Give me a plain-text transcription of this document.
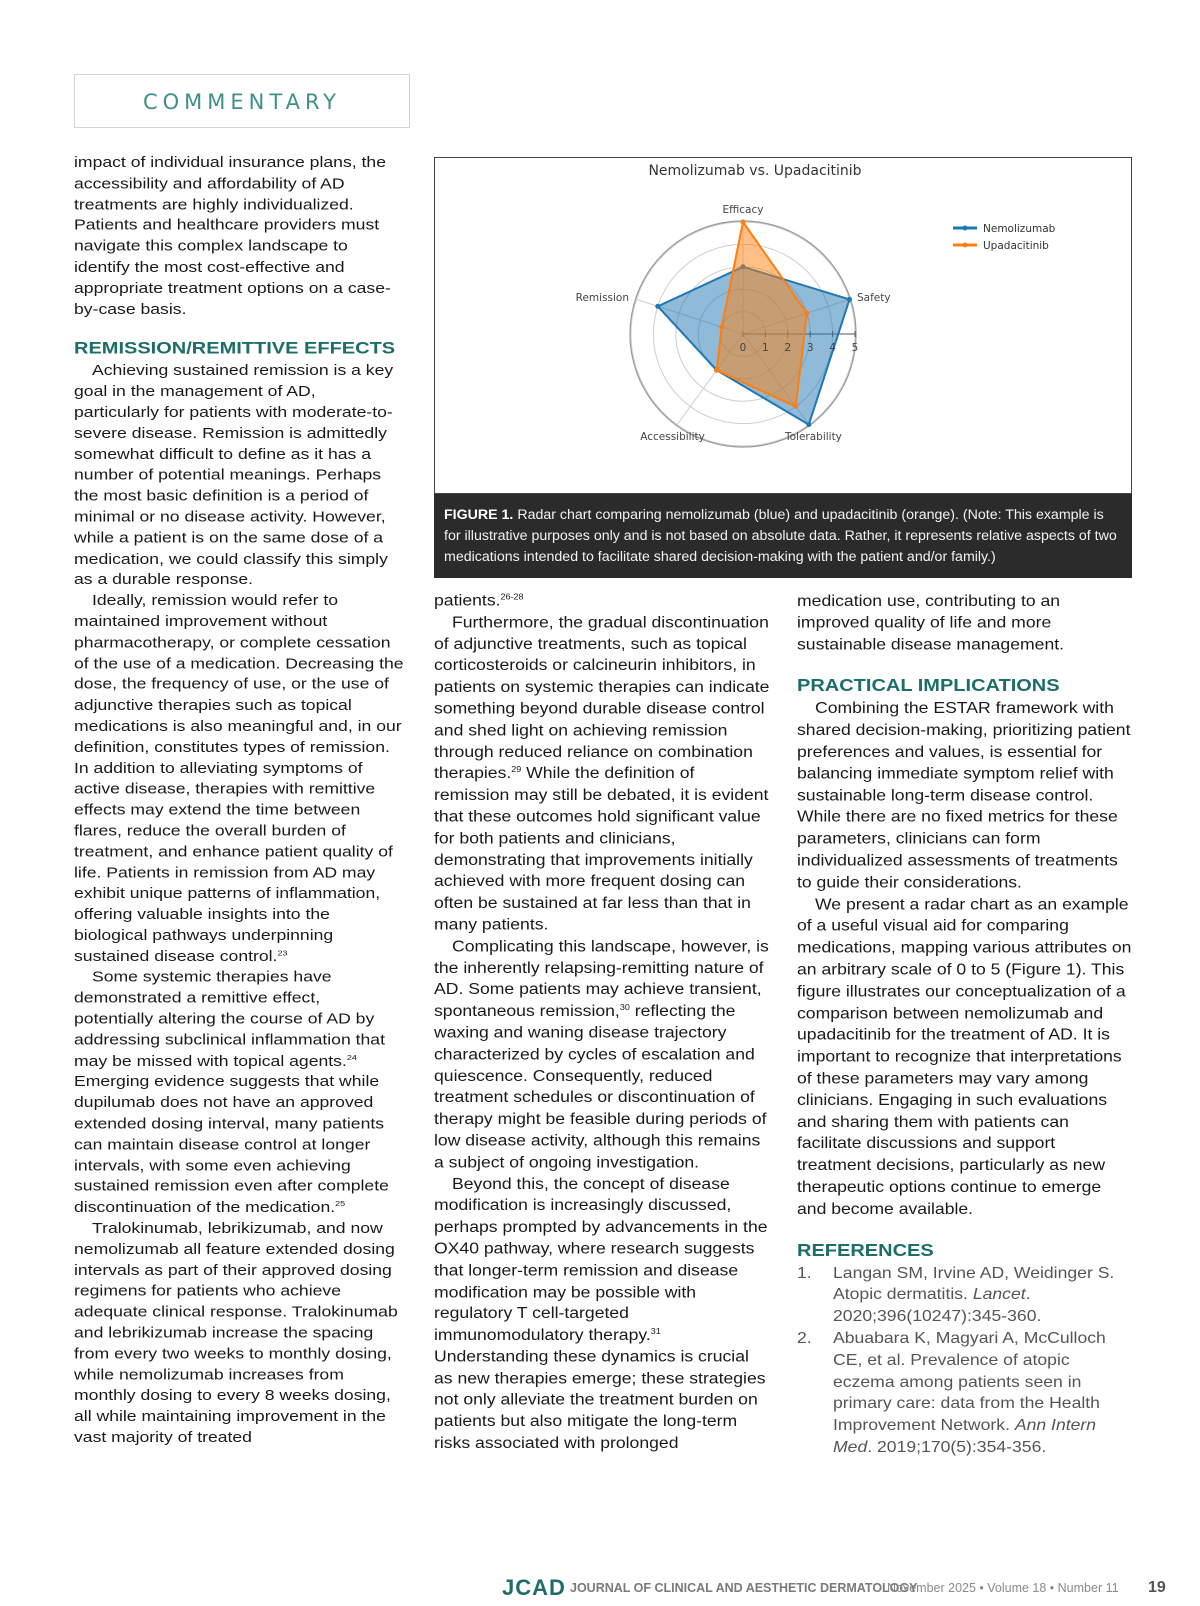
COMMENTARY

impact of individual insurance plans, the accessibility and affordability of AD treatments are highly individualized. Patients and healthcare providers must navigate this complex landscape to identify the most cost-effective and appropriate treatment options on a case-by-case basis.

REMISSION/REMITTIVE EFFECTS

Achieving sustained remission is a key goal in the management of AD, particularly for patients with moderate-to-severe disease. Remission is admittedly somewhat difficult to define as it has a number of potential meanings. Perhaps the most basic definition is a period of minimal or no disease activity. However, while a patient is on the same dose of a medication, we could classify this simply as a durable response.

Ideally, remission would refer to maintained improvement without pharmacotherapy, or complete cessation of the use of a medication. Decreasing the dose, the frequency of use, or the use of adjunctive therapies such as topical medications is also meaningful and, in our definition, constitutes types of remission. In addition to alleviating symptoms of active disease, therapies with remittive effects may extend the time between flares, reduce the overall burden of treatment, and enhance patient quality of life. Patients in remission from AD may exhibit unique patterns of inflammation, offering valuable insights into the biological pathways underpinning sustained disease control.$^{23}$

Some systemic therapies have demonstrated a remittive effect, potentially altering the course of AD by addressing subclinical inflammation that may be missed with topical agents.$^{24}$ Emerging evidence suggests that while dupilumab does not have an approved extended dosing interval, many patients can maintain disease control at longer intervals, with some even achieving sustained remission even after complete discontinuation of the medication.$^{25}$

Tralokinumab, lebrikizumab, and now nemolizumab all feature extended dosing intervals as part of their approved dosing regimens for patients who achieve adequate clinical response. Tralokinumab and lebrikizumab increase the spacing from every two weeks to monthly dosing, while nemolizumab increases from monthly dosing to every 8 weeks dosing, all while maintaining improvement in the vast majority of treated

Nemolizumab vs. Upadacitinib
0 1 2 3 4 5
Efficacy
Safety
Tolerability
Accessibility
Remission
Nemolizumab
Upadacitinib
FIGURE 1. Radar chart comparing nemolizumab (blue) and upadacitinib (orange). (Note: This example is for illustrative purposes only and is not based on absolute data. Rather, it represents relative aspects of two medications intended to facilitate shared decision-making with the patient and/or family.)

patients.$^{26-28}$

Furthermore, the gradual discontinuation of adjunctive treatments, such as topical corticosteroids or calcineurin inhibitors, in patients on systemic therapies can indicate something beyond durable disease control and shed light on achieving remission through reduced reliance on combination therapies.$^{29}$ While the definition of remission may still be debated, it is evident that these outcomes hold significant value for both patients and clinicians, demonstrating that improvements initially achieved with more frequent dosing can often be sustained at far less than that in many patients.

Complicating this landscape, however, is the inherently relapsing-remitting nature of AD. Some patients may achieve transient, spontaneous remission,$^{30}$ reflecting the waxing and waning disease trajectory characterized by cycles of escalation and quiescence. Consequently, reduced treatment schedules or discontinuation of therapy might be feasible during periods of low disease activity, although this remains a subject of ongoing investigation.

Beyond this, the concept of disease modification is increasingly discussed, perhaps prompted by advancements in the OX40 pathway, where research suggests that longer-term remission and disease modification may be possible with regulatory T cell-targeted immunomodulatory therapy.$^{31}$ Understanding these dynamics is crucial as new therapies emerge; these strategies not only alleviate the treatment burden on patients but also mitigate the long-term risks associated with prolonged

medication use, contributing to an improved quality of life and more sustainable disease management.

PRACTICAL IMPLICATIONS

Combining the ESTAR framework with shared decision-making, prioritizing patient preferences and values, is essential for balancing immediate symptom relief with sustainable long-term disease control. While there are no fixed metrics for these parameters, clinicians can form individualized assessments of treatments to guide their considerations.

We present a radar chart as an example of a useful visual aid for comparing medications, mapping various attributes on an arbitrary scale of 0 to 5 (Figure 1). This figure illustrates our conceptualization of a comparison between nemolizumab and upadacitinib for the treatment of AD. It is important to recognize that interpretations of these parameters may vary among clinicians. Engaging in such evaluations and sharing them with patients can facilitate discussions and support treatment decisions, particularly as new therapeutic options continue to emerge and become available.

REFERENCES
1.	Langan SM, Irvine AD, Weidinger S. Atopic dermatitis. Lancet. 2020;396(10247):345-360.
2.	Abuabara K, Magyari A, McCulloch CE, et al. Prevalence of atopic eczema among patients seen in primary care: data from the Health Improvement Network. Ann Intern Med. 2019;170(5):354-356.
JCAD JOURNAL OF CLINICAL AND AESTHETIC DERMATOLOGY
November 2025 • Volume 18 • Number 11 19
